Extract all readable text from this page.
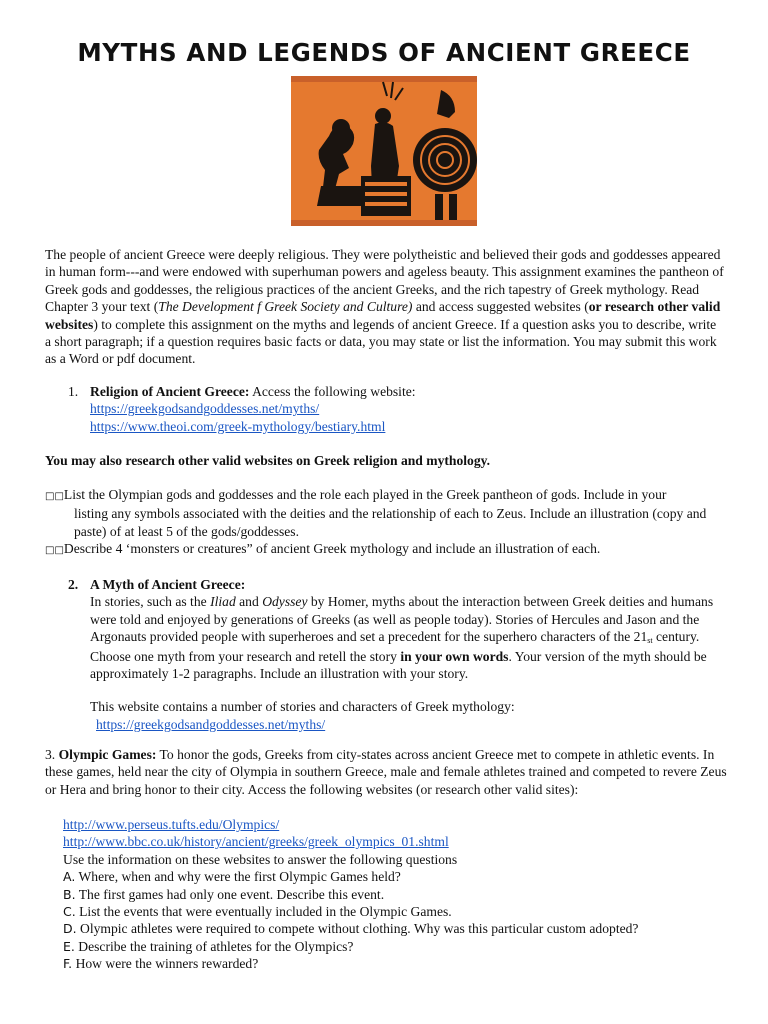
MYTHS AND LEGENDS OF ANCIENT GREECE

The people of ancient Greece were deeply religious. They were polytheistic and believed their gods and goddesses appeared in human form---and were endowed with superhuman powers and ageless beauty. This assignment examines the pantheon of Greek gods and goddesses, the religious practices of the ancient Greeks, and the rich tapestry of Greek mythology. Read Chapter 3 your text (The Development f Greek Society and Culture) and access suggested websites (or research other valid websites) to complete this assignment on the myths and legends of ancient Greece. If a question asks you to describe, write a short paragraph; if a question requires basic facts or data, you may state or list the information. You may submit this work as a Word or pdf document.

1. Religion of Ancient Greece: Access the following website:

https://greekgodsandgoddesses.net/myths/

https://www.theoi.com/greek-mythology/bestiary.html

You may also research other valid websites on Greek religion and mythology.

□□List the Olympian gods and goddesses and the role each played in the Greek pantheon of gods. Include in your

listing any symbols associated with the deities and the relationship of each to Zeus. Include an illustration (copy and paste) of at least 5 of the gods/goddesses.

□□Describe 4 ‘monsters or creatures” of ancient Greek mythology and include an illustration of each.

2. A Myth of Ancient Greece:

In stories, such as the Iliad and Odyssey by Homer, myths about the interaction between Greek deities and humans were told and enjoyed by generations of Greeks (as well as people today). Stories of Hercules and Jason and the Argonauts provided people with superheroes and set a precedent for the superhero characters of the $21_{st}$ century. Choose one myth from your research and retell the story in your own words. Your version of the myth should be approximately 1-2 paragraphs. Include an illustration with your story.

This website contains a number of stories and characters of Greek mythology:

https://greekgodsandgoddesses.net/myths/

3. Olympic Games: To honor the gods, Greeks from city-states across ancient Greece met to compete in athletic events. In these games, held near the city of Olympia in southern Greece, male and female athletes trained and competed to revere Zeus or Hera and bring honor to their city. Access the following websites (or research other valid sites):

http://www.perseus.tufts.edu/Olympics/

http://www.bbc.co.uk/history/ancient/greeks/greek_olympics_01.shtml

Use the information on these websites to answer the following questions

A. Where, when and why were the first Olympic Games held?

B. The first games had only one event. Describe this event.

C. List the events that were eventually included in the Olympic Games.

D. Olympic athletes were required to compete without clothing. Why was this particular custom adopted?

E. Describe the training of athletes for the Olympics?

F. How were the winners rewarded?
